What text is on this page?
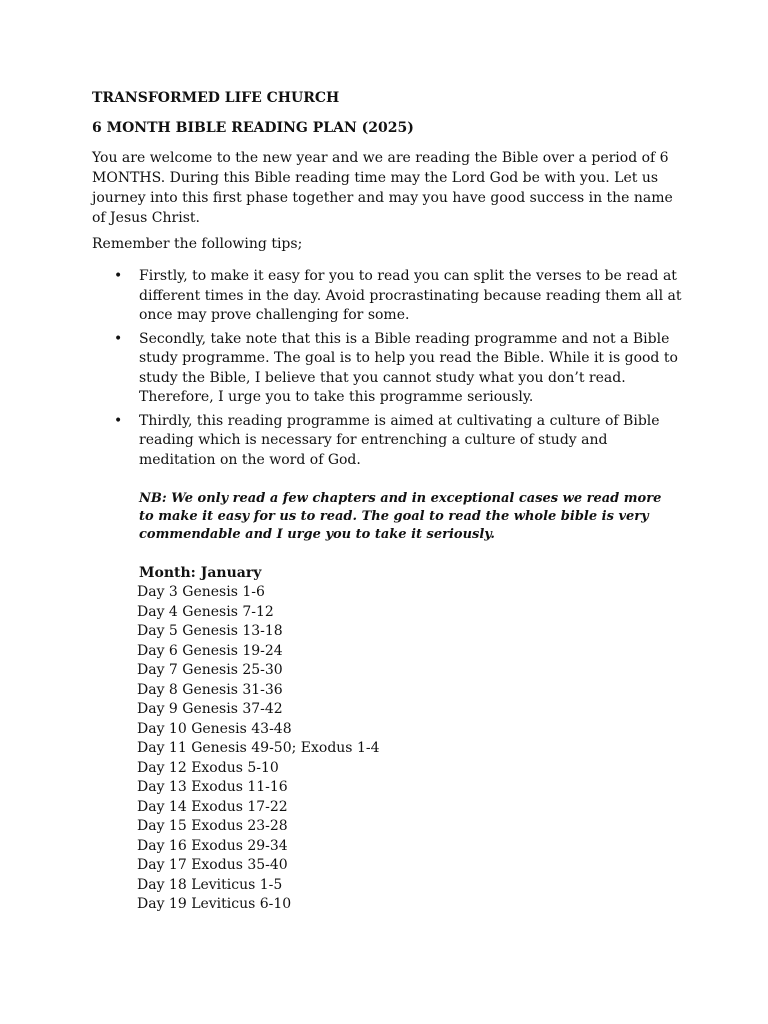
TRANSFORMED LIFE CHURCH
6 MONTH BIBLE READING PLAN (2025)

You are welcome to the new year and we are reading the Bible over a period of 6 MONTHS. During this Bible reading time may the Lord God be with you. Let us journey into this first phase together and may you have good success in the name of Jesus Christ.

Remember the following tips;

• Firstly, to make it easy for you to read you can split the verses to be read at different times in the day. Avoid procrastinating because reading them all at once may prove challenging for some.
• Secondly, take note that this is a Bible reading programme and not a Bible study programme. The goal is to help you read the Bible. While it is good to study the Bible, I believe that you cannot study what you don’t read. Therefore, I urge you to take this programme seriously.
• Thirdly, this reading programme is aimed at cultivating a culture of Bible reading which is necessary for entrenching a culture of study and meditation on the word of God.

NB: We only read a few chapters and in exceptional cases we read more to make it easy for us to read. The goal to read the whole bible is very commendable and I urge you to take it seriously.

Month: January
Day 3 Genesis 1-6
Day 4 Genesis 7-12
Day 5 Genesis 13-18
Day 6 Genesis 19-24
Day 7 Genesis 25-30
Day 8 Genesis 31-36
Day 9 Genesis 37-42
Day 10 Genesis 43-48
Day 11 Genesis 49-50; Exodus 1-4
Day 12 Exodus 5-10
Day 13 Exodus 11-16
Day 14 Exodus 17-22
Day 15 Exodus 23-28
Day 16 Exodus 29-34
Day 17 Exodus 35-40
Day 18 Leviticus 1-5
Day 19 Leviticus 6-10
